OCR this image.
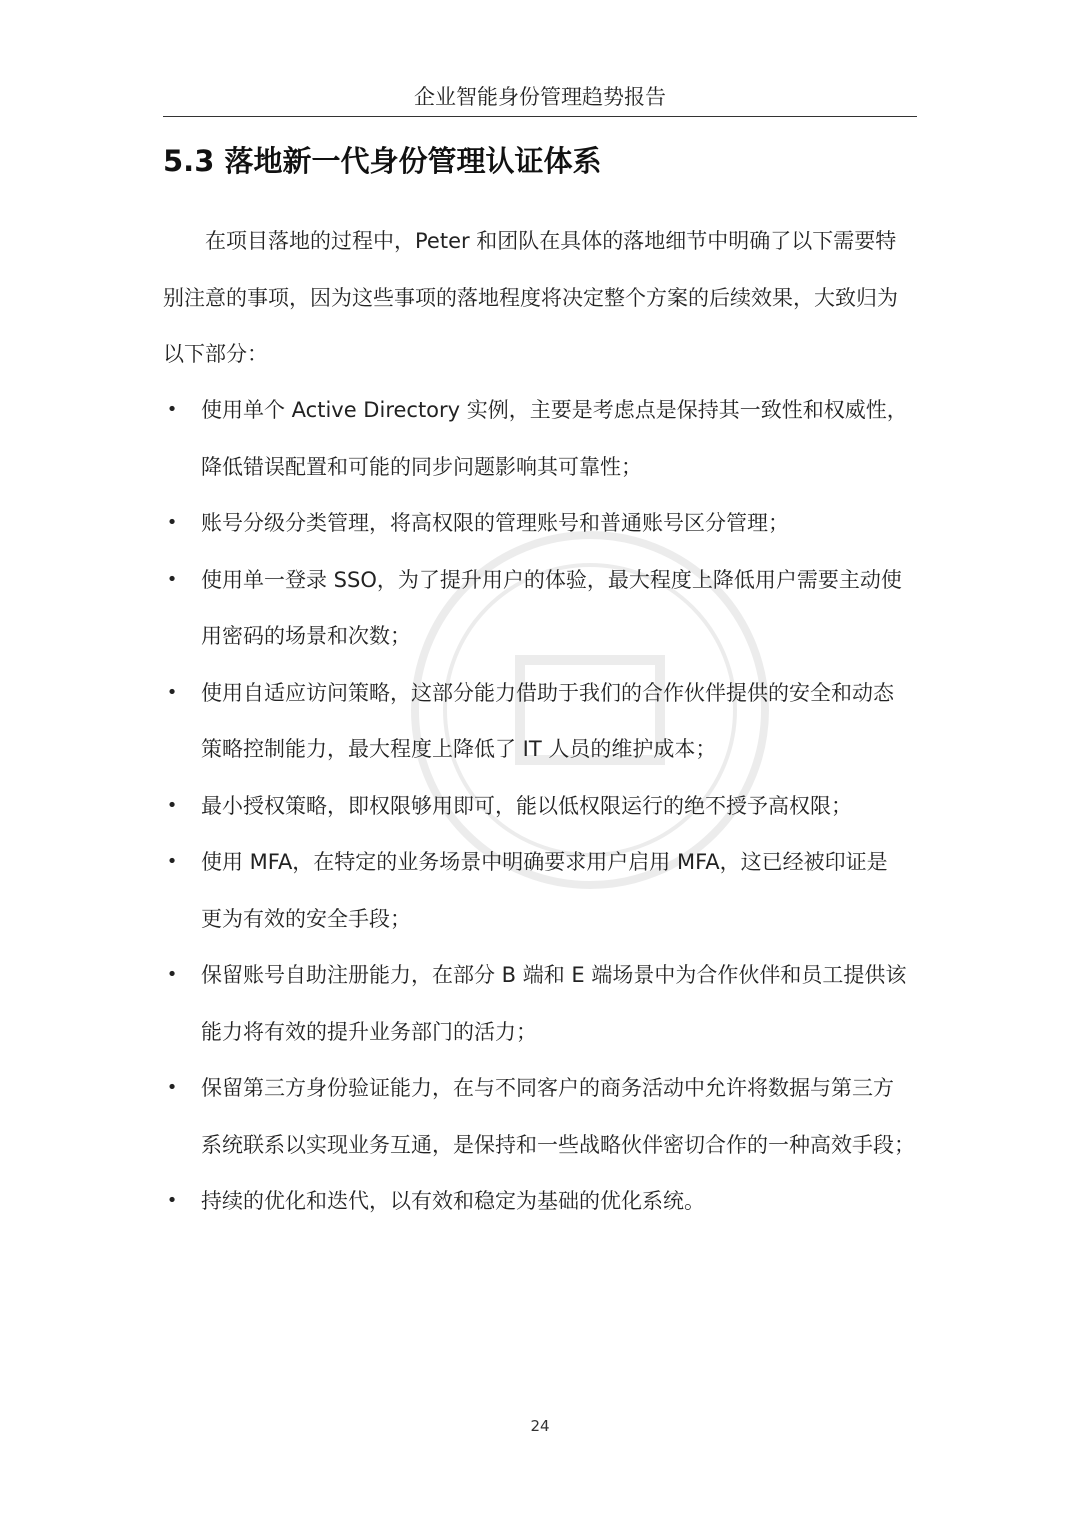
企业智能身份管理趋势报告
5.3 落地新一代身份管理认证体系
在项目落地的过程中，Peter 和团队在具体的落地细节中明确了以下需要特
别注意的事项，因为这些事项的落地程度将决定整个方案的后续效果，大致归为
以下部分：
• 使用单个 Active Directory 实例，主要是考虑点是保持其一致性和权威性，
降低错误配置和可能的同步问题影响其可靠性；
• 账号分级分类管理，将高权限的管理账号和普通账号区分管理；
• 使用单一登录 SSO，为了提升用户的体验，最大程度上降低用户需要主动使
用密码的场景和次数；
• 使用自适应访问策略，这部分能力借助于我们的合作伙伴提供的安全和动态
策略控制能力，最大程度上降低了 IT 人员的维护成本；
• 最小授权策略，即权限够用即可，能以低权限运行的绝不授予高权限；
• 使用 MFA，在特定的业务场景中明确要求用户启用 MFA，这已经被印证是
更为有效的安全手段；
• 保留账号自助注册能力，在部分 B 端和 E 端场景中为合作伙伴和员工提供该
能力将有效的提升业务部门的活力；
• 保留第三方身份验证能力，在与不同客户的商务活动中允许将数据与第三方
系统联系以实现业务互通，是保持和一些战略伙伴密切合作的一种高效手段；
• 持续的优化和迭代，以有效和稳定为基础的优化系统。
24
